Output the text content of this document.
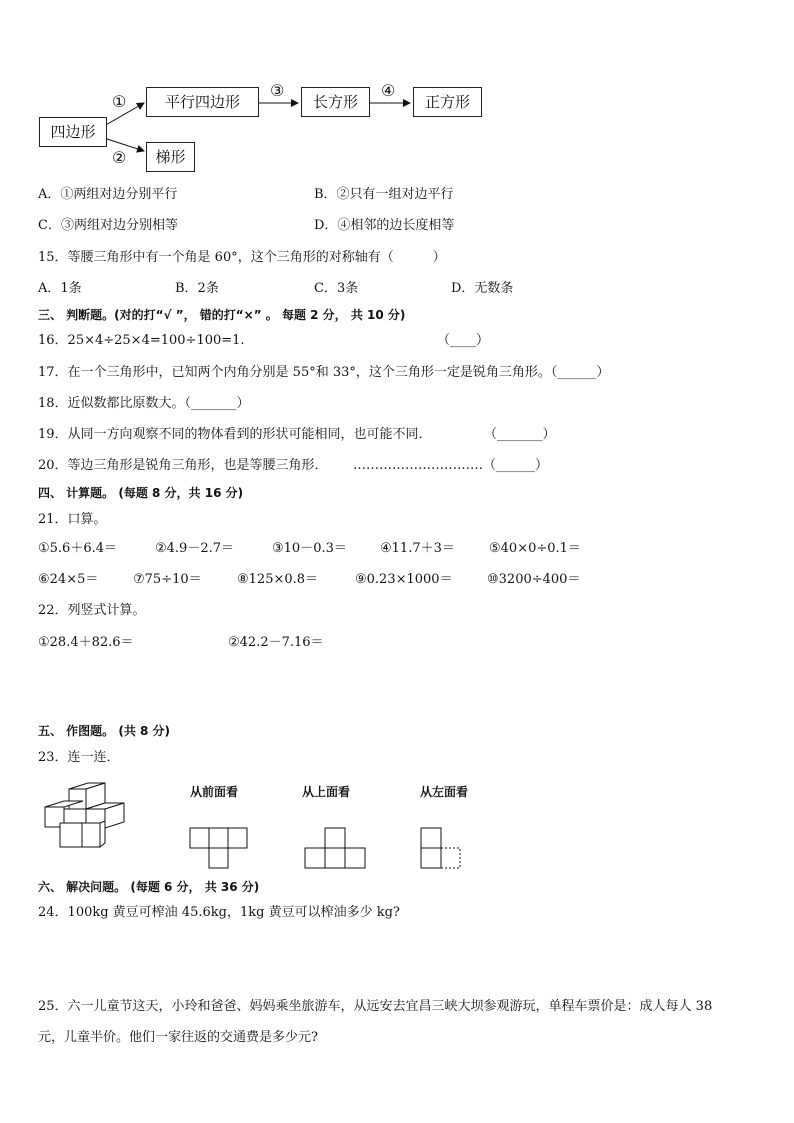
四边形
平行四边形
梯形
长方形	正方形
①
②
③	④
A．①两组对边分别平行	B．②只有一组对边平行
C．③两组对边分别相等	D．④相邻的边长度相等
15．等腰三角形中有一个角是 60°，这个三角形的对称轴有（　　　）
A．1条	B．2条	C．3条	D．无数条
三、 判断题。(对的打“√ ”， 错的打“×” 。 每题 2 分， 共 10 分)
16．25×4÷25×4=100÷100=1.	（____）
17．在一个三角形中，已知两个内角分别是 55°和 33°，这个三角形一定是锐角三角形。（______）
18．近似数都比原数大。（_______）
19．从同一方向观察不同的物体看到的形状可能相同，也可能不同．	（_______）
20．等边三角形是锐角三角形，也是等腰三角形． …………………………（______）
四、 计算题。 (每题 8 分，共 16 分)
21．口算。
①5.6＋6.4＝	②4.9－2.7＝	③10－0.3＝	④11.7＋3＝	⑤40×0÷0.1＝
⑥24×5＝	⑦75÷10＝	⑧125×0.8＝	⑨0.23×1000＝	⑩3200÷400＝
22．列竖式计算。
①28.4＋82.6＝	②42.2－7.16＝
五、 作图题。 (共 8 分)
23．连一连．
从前面看	从上面看	从左面看
六、 解决问题。 (每题 6 分， 共 36 分)
24．100kg 黄豆可榨油 45.6kg，1kg 黄豆可以榨油多少 kg?
25．六一儿童节这天，小玲和爸爸、妈妈乘坐旅游车，从远安去宜昌三峡大坝参观游玩，单程车票价是：成人每人 38
元，儿童半价。他们一家往返的交通费是多少元?
